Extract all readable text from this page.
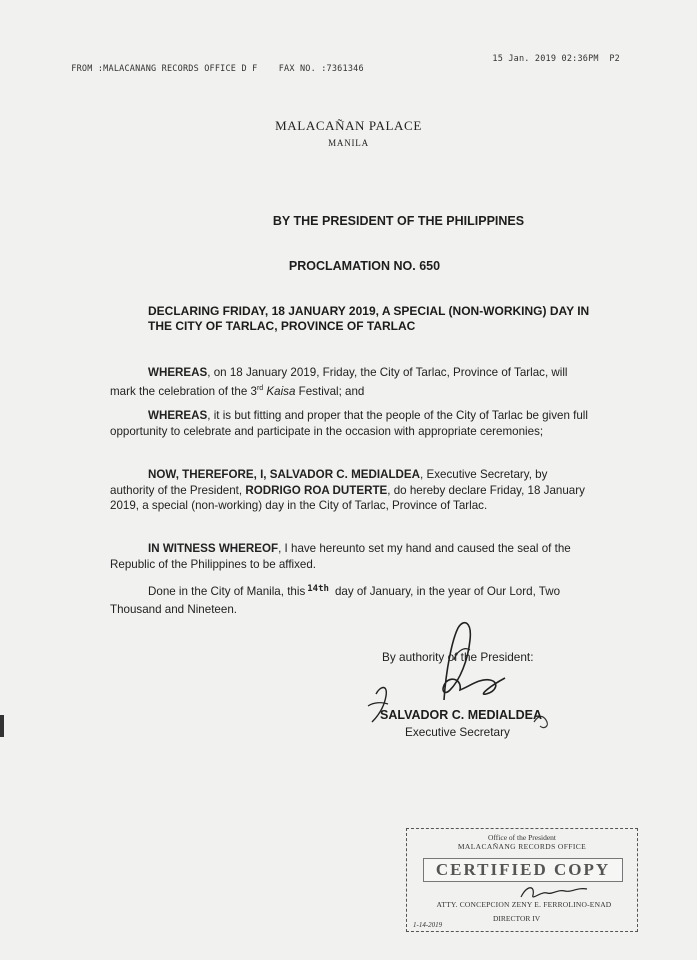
FROM :MALACANANG RECORDS OFFICE D F	FAX NO. :7361346

15 Jan. 2019 02:36PM  P2

MALACAÑAN PALACE
MANILA
BY THE PRESIDENT OF THE PHILIPPINES
PROCLAMATION NO. 650
DECLARING FRIDAY, 18 JANUARY 2019, A SPECIAL (NON-WORKING) DAY IN THE CITY OF TARLAC, PROVINCE OF TARLAC
WHEREAS, on 18 January 2019, Friday, the City of Tarlac, Province of Tarlac, will mark the celebration of the 3rd Kaisa Festival; and
WHEREAS, it is but fitting and proper that the people of the City of Tarlac be given full opportunity to celebrate and participate in the occasion with appropriate ceremonies;
NOW, THEREFORE, I, SALVADOR C. MEDIALDEA, Executive Secretary, by authority of the President, RODRIGO ROA DUTERTE, do hereby declare Friday, 18 January 2019, a special (non-working) day in the City of Tarlac, Province of Tarlac.
IN WITNESS WHEREOF, I have hereunto set my hand and caused the seal of the Republic of the Philippines to be affixed.
Done in the City of Manila, this $^{14th}$ day of January, in the year of Our Lord, Two Thousand and Nineteen.
By authority of the President:
SALVADOR C. MEDIALDEA
Executive Secretary
Office of the President
MALACAÑANG RECORDS OFFICE
CERTIFIED COPY
ATTY. CONCEPCION ZENY E. FERROLINO-ENAD
DIRECTOR IV
1-14-2019
